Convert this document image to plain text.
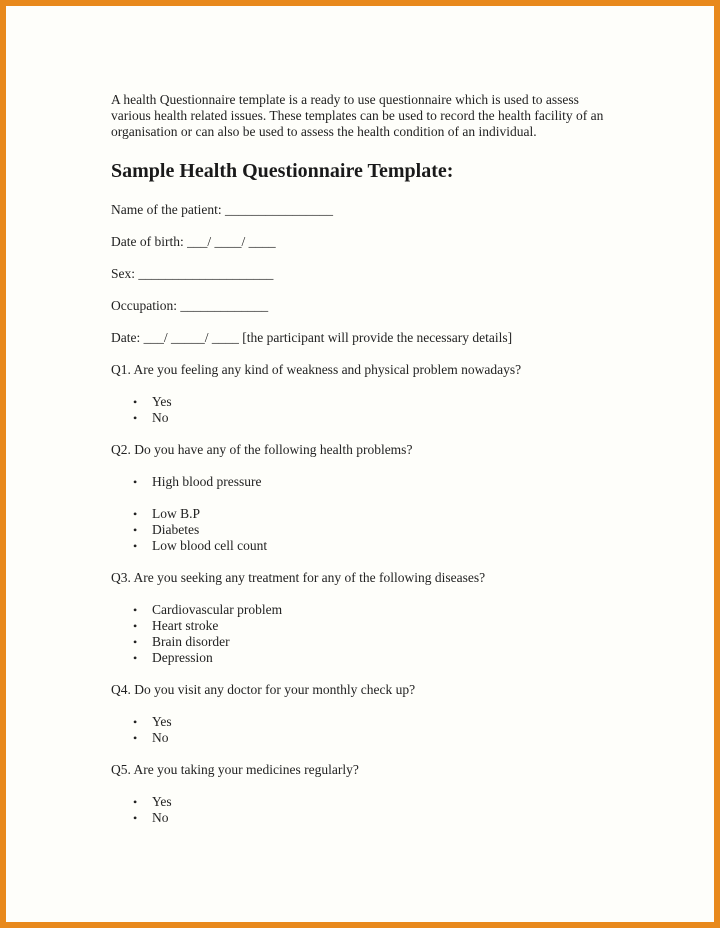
A health Questionnaire template is a ready to use questionnaire which is used to assess various health related issues. These templates can be used to record the health facility of an organisation or can also be used to assess the health condition of an individual.

Sample Health Questionnaire Template:
Name of the patient: ________________
Date of birth: ___/ ____/ ____
Sex: ____________________
Occupation: _____________
Date: ___/ _____/ ____ [the participant will provide the necessary details]
Q1. Are you feeling any kind of weakness and physical problem nowadays?
• Yes
• No
Q2. Do you have any of the following health problems?
• High blood pressure
• Low B.P
• Diabetes
• Low blood cell count
Q3. Are you seeking any treatment for any of the following diseases?
• Cardiovascular problem
• Heart stroke
• Brain disorder
• Depression
Q4. Do you visit any doctor for your monthly check up?
• Yes
• No
Q5. Are you taking your medicines regularly?
• Yes
• No
